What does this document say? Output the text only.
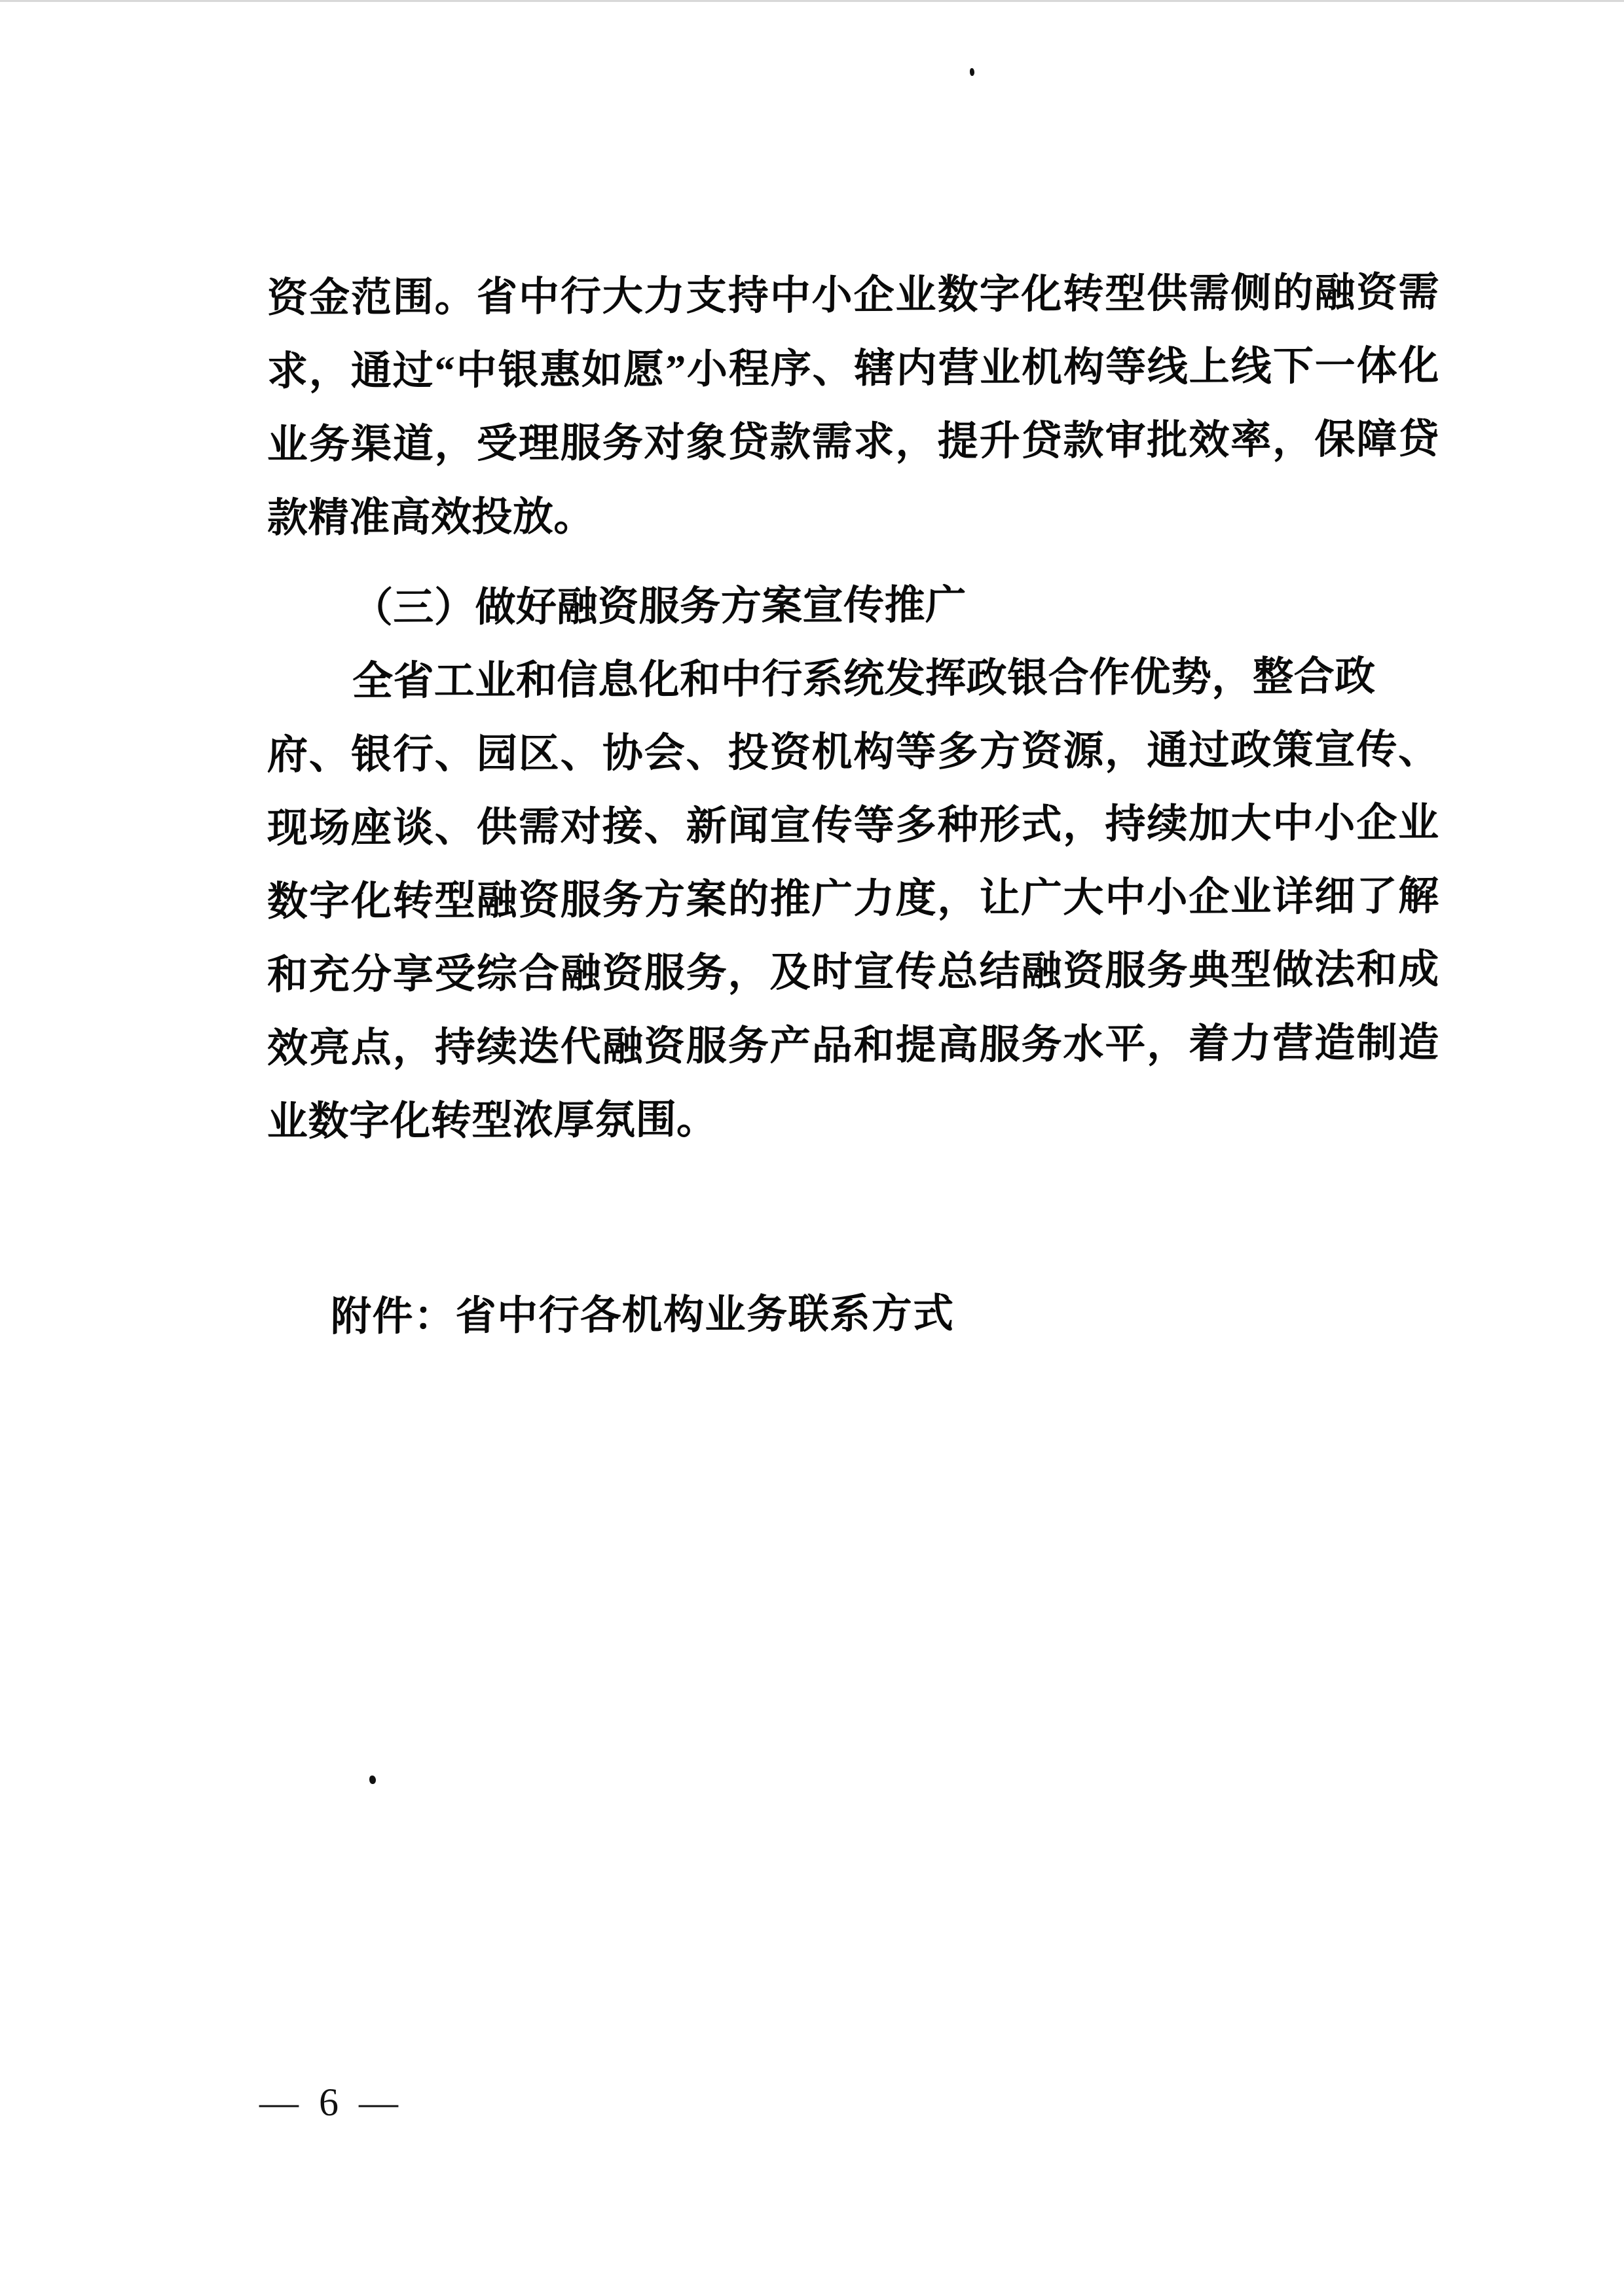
资 金 范 围 。 省 中 行 大 力 支 持 中 小 企 业 数 字 化 转 型 供 需 侧 的 融 资 需
求 ， 通 过 “ 中 银 惠 如 愿 ” 小 程 序 、 辖 内 营 业 机 构 等 线 上 线 下 一 体 化
业 务 渠 道 ， 受 理 服 务 对 象 贷 款 需 求 ， 提 升 贷 款 审 批 效 率 ， 保 障 贷
款精准高效投放。
（三）做好融资服务方案宣传推广
全省工业和信息化和中行系统发挥政银合作优势，整合政
府 、 银 行 、 园 区 、 协 会 、 投 资 机 构 等 多 方 资 源 ， 通 过 政 策 宣 传 、
现 场 座 谈 、 供 需 对 接 、 新 闻 宣 传 等 多 种 形 式 ， 持 续 加 大 中 小 企 业
数 字 化 转 型 融 资 服 务 方 案 的 推 广 力 度 ， 让 广 大 中 小 企 业 详 细 了 解
和 充 分 享 受 综 合 融 资 服 务 ， 及 时 宣 传 总 结 融 资 服 务 典 型 做 法 和 成
效 亮 点 ， 持 续 迭 代 融 资 服 务 产 品 和 提 高 服 务 水 平 ， 着 力 营 造 制 造
业数字化转型浓厚氛围。
附件：省中行各机构业务联系方式
— 6 —
